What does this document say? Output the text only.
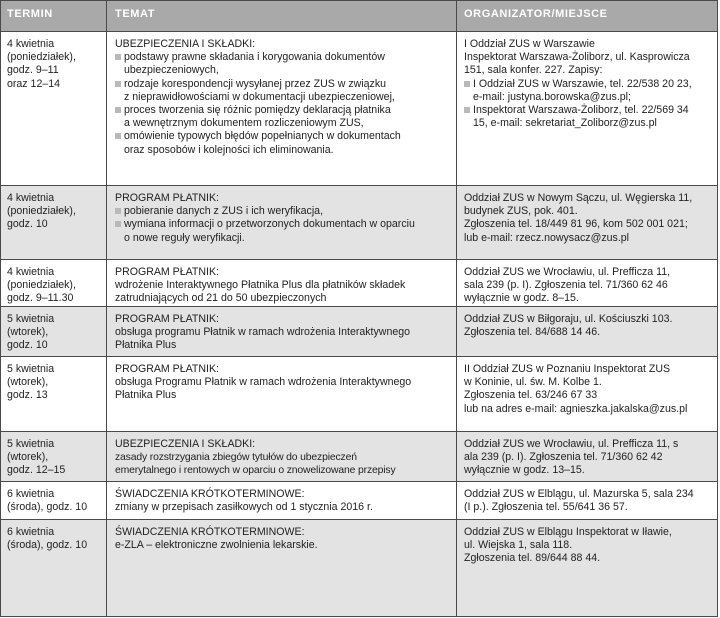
TERMIN	TEMAT	ORGANIZATOR/MIEJSCE
4 kwietnia
(poniedziałek),
godz. 9–11
oraz 12–14
UBEZPIECZENIA I SKŁADKI:
podstawy prawne składania i korygowania dokumentów
ubezpieczeniowych,
rodzaje korespondencji wysyłanej przez ZUS w związku
z nieprawidłowościami w dokumentacji ubezpieczeniowej,
proces tworzenia się różnic pomiędzy deklaracją płatnika
a wewnętrznym dokumentem rozliczeniowym ZUS,
omówienie typowych błędów popełnianych w dokumentach
oraz sposobów i kolejności ich eliminowania.
I Oddział ZUS w Warszawie
Inspektorat Warszawa-Żoliborz, ul. Kasprowicza
151, sala konfer. 227. Zapisy:
I Oddział ZUS w Warszawie, tel. 22/538 20 23,
e-mail: justyna.borowska@zus.pl;
Inspektorat Warszawa-Żoliborz, tel. 22/569 34
15, e-mail: sekretariat_Zoliborz@zus.pl
4 kwietnia
(poniedziałek),
godz. 10
PROGRAM PŁATNIK:
pobieranie danych z ZUS i ich weryfikacja,
wymiana informacji o przetworzonych dokumentach w oparciu
o nowe reguły weryfikacji.
Oddział ZUS w Nowym Sączu, ul. Węgierska 11,
budynek ZUS, pok. 401.
Zgłoszenia tel. 18/449 81 96, kom 502 001 021;
lub e-mail: rzecz.nowysacz@zus.pl
4 kwietnia
(poniedziałek),
godz. 9–11.30
PROGRAM PŁATNIK:
wdrożenie Interaktywnego Płatnika Plus dla płatników składek
zatrudniających od 21 do 50 ubezpieczonych
Oddział ZUS we Wrocławiu, ul. Prefficza 11,
sala 239 (p. I). Zgłoszenia tel. 71/360 62 46
wyłącznie w godz. 8–15.
5 kwietnia
(wtorek),
godz. 10
PROGRAM PŁATNIK:
obsługa programu Płatnik w ramach wdrożenia Interaktywnego
Płatnika Plus
Oddział ZUS w Biłgoraju, ul. Kościuszki 103.
Zgłoszenia tel. 84/688 14 46.
5 kwietnia
(wtorek),
godz. 13
PROGRAM PŁATNIK:
obsługa Programu Płatnik w ramach wdrożenia Interaktywnego
Płatnika Plus
II Oddział ZUS w Poznaniu Inspektorat ZUS
w Koninie, ul. św. M. Kolbe 1.
Zgłoszenia tel. 63/246 67 33
lub na adres e-mail: agnieszka.jakalska@zus.pl
5 kwietnia
(wtorek),
godz. 12–15
UBEZPIECZENIA I SKŁADKI:
zasady rozstrzygania zbiegów tytułów do ubezpieczeń
emerytalnego i rentowych w oparciu o znowelizowane przepisy
Oddział ZUS we Wrocławiu, ul. Prefficza 11, s
ala 239 (p. I). Zgłoszenia tel. 71/360 62 42
wyłącznie w godz. 13–15.
6 kwietnia
(środa), godz. 10
ŚWIADCZENIA KRÓTKOTERMINOWE:
zmiany w przepisach zasiłkowych od 1 stycznia 2016 r.
Oddział ZUS w Elblągu, ul. Mazurska 5, sala 234
(I p.). Zgłoszenia tel. 55/641 36 57.
6 kwietnia
(środa), godz. 10
ŚWIADCZENIA KRÓTKOTERMINOWE:
e-ZLA – elektroniczne zwolnienia lekarskie.
Oddział ZUS w Elblągu Inspektorat w Iławie,
ul. Wiejska 1, sala 118.
Zgłoszenia tel. 89/644 88 44.
